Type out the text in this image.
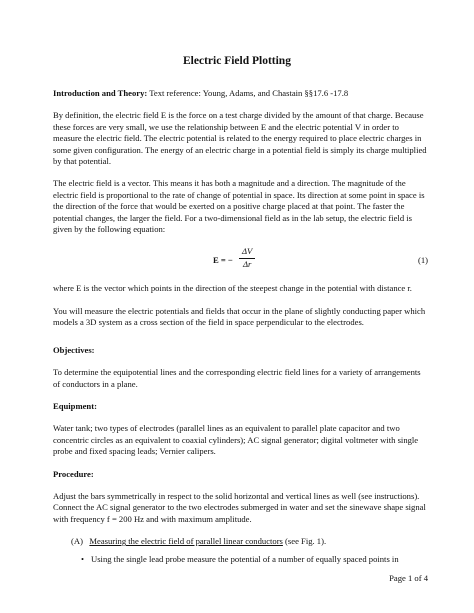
Electric Field Plotting

Introduction and Theory: Text reference: Young, Adams, and Chastain §§17.6 -17.8

By definition, the electric field E is the force on a test charge divided by the amount of that charge. Because these forces are very small, we use the relationship between E and the electric potential V in order to measure the electric field. The electric potential is related to the energy required to place electric charges in some given configuration. The energy of an electric charge in a potential field is simply its charge multiplied by that potential.

The electric field is a vector. This means it has both a magnitude and a direction. The magnitude of the electric field is proportional to the rate of change of potential in space. Its direction at some point in space is the direction of the force that would be exerted on a positive charge placed at that point. The faster the potential changes, the larger the field. For a two-dimensional field as in the lab setup, the electric field is given by the following equation:

E = − $\frac{\Delta V}{\Delta r}$	(1)

where E is the vector which points in the direction of the steepest change in the potential with distance r.

You will measure the electric potentials and fields that occur in the plane of slightly conducting paper which models a 3D system as a cross section of the field in space perpendicular to the electrodes.

Objectives:

To determine the equipotential lines and the corresponding electric field lines for a variety of arrangements of conductors in a plane.

Equipment:

Water tank; two types of electrodes (parallel lines as an equivalent to parallel plate capacitor and two concentric circles as an equivalent to coaxial cylinders); AC signal generator; digital voltmeter with single probe and fixed spacing leads; Vernier calipers.

Procedure:

Adjust the bars symmetrically in respect to the solid horizontal and vertical lines as well (see instructions).

Connect the AC signal generator to the two electrodes submerged in water and set the sinewave shape signal with frequency f = 200 Hz and with maximum amplitude.

(A) Measuring the electric field of parallel linear conductors (see Fig. 1).

• Using the single lead probe measure the potential of a number of equally spaced points in

Page 1 of 4
